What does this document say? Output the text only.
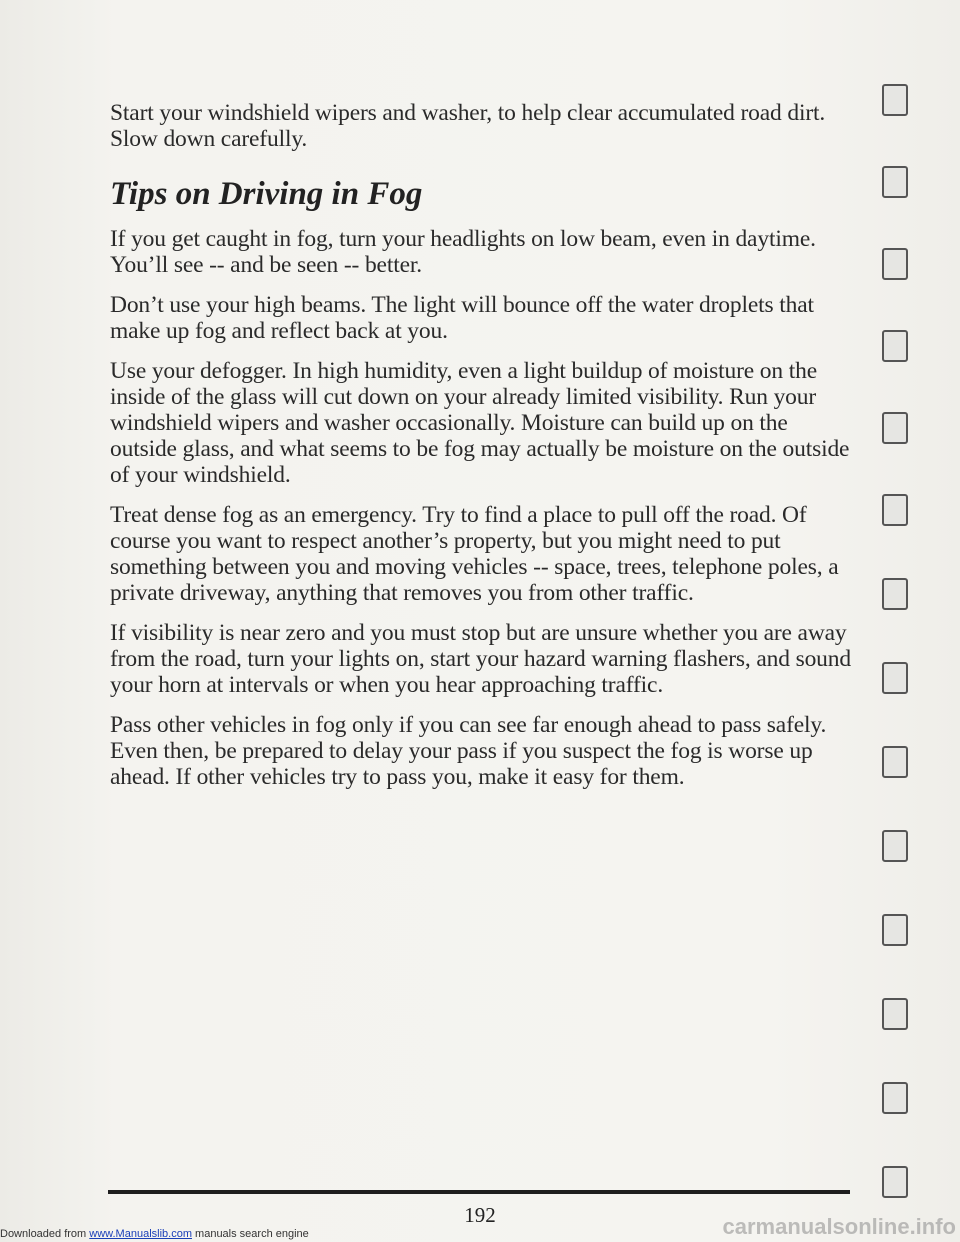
Start your windshield wipers and washer, to help clear accumulated road dirt. Slow down carefully.

Tips on Driving in Fog

If you get caught in fog, turn your headlights on low beam, even in daytime. You’ll see -- and be seen -- better.

Don’t use your high beams. The light will bounce off the water droplets that make up fog and reflect back at you.

Use your defogger. In high humidity, even a light buildup of moisture on the inside of the glass will cut down on your already limited visibility. Run your windshield wipers and washer occasionally. Moisture can build up on the outside glass, and what seems to be fog may actually be moisture on the outside of your windshield.

Treat dense fog as an emergency. Try to find a place to pull off the road. Of course you want to respect another’s property, but you might need to put something between you and moving vehicles -- space, trees, telephone poles, a private driveway, anything that removes you from other traffic.

If visibility is near zero and you must stop but are unsure whether you are away from the road, turn your lights on, start your hazard warning flashers, and sound your horn at intervals or when you hear approaching traffic.

Pass other vehicles in fog only if you can see far enough ahead to pass safely. Even then, be prepared to delay your pass if you suspect the fog is worse up ahead. If other vehicles try to pass you, make it easy for them.

192
Downloaded from www.Manualslib.com manuals search engine	carmanualsonline.info
